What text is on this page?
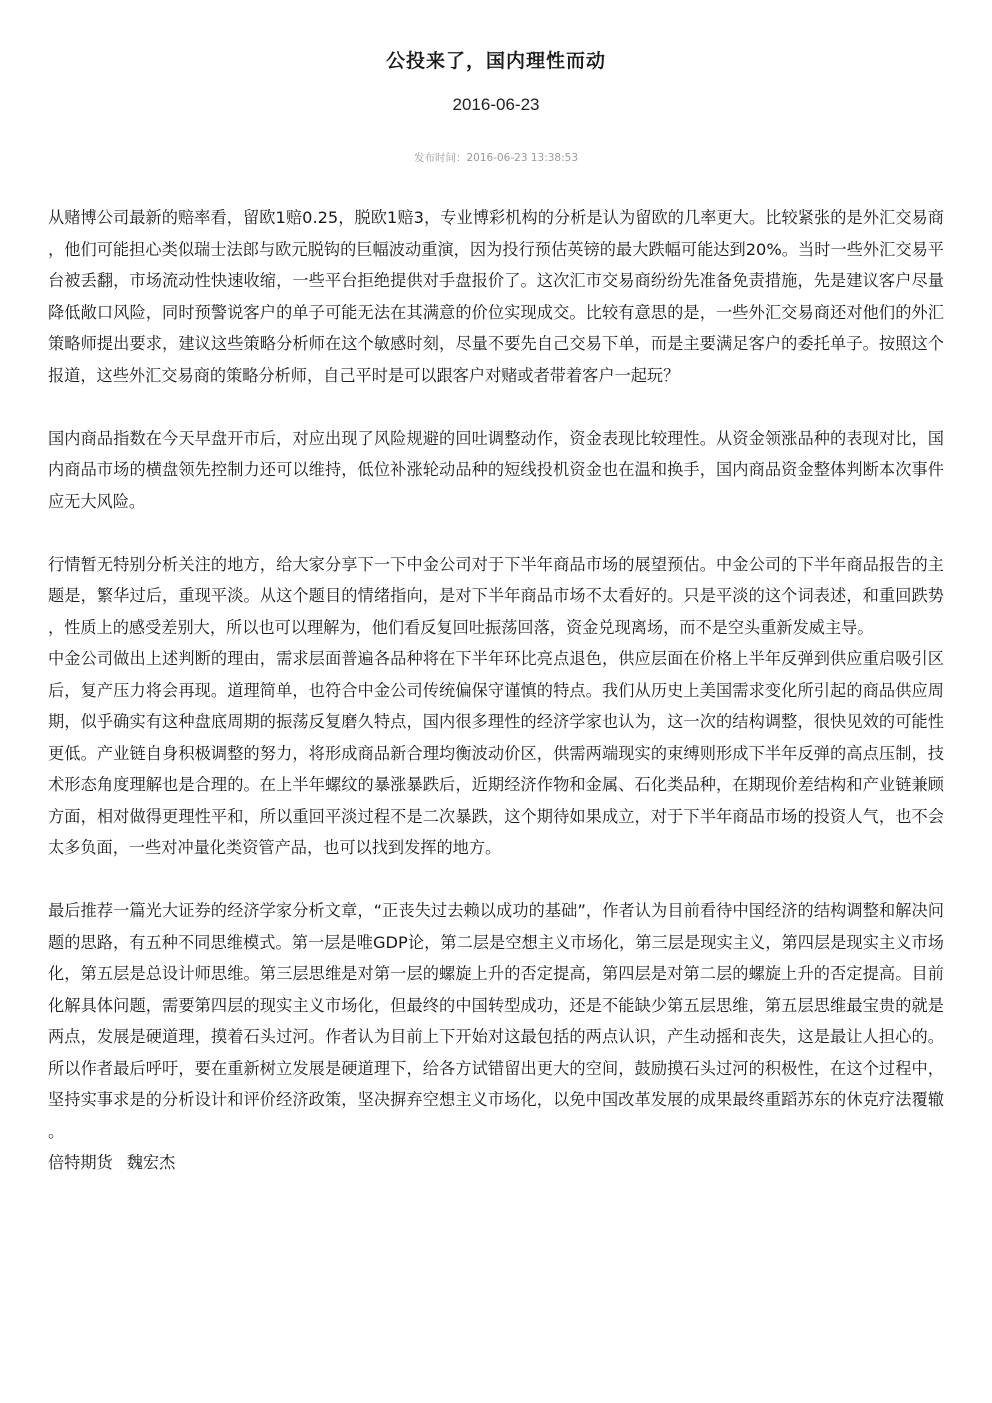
公投来了，国内理性而动
2016-06-23
发布时间：2016-06-23 13:38:53

从赌博公司最新的赔率看，留欧1赔0.25，脱欧1赔3，专业博彩机构的分析是认为留欧的几率更大。比较紧张的是外汇交易商，他们可能担心类似瑞士法郎与欧元脱钩的巨幅波动重演，因为投行预估英镑的最大跌幅可能达到20%。当时一些外汇交易平台被丢翻，市场流动性快速收缩，一些平台拒绝提供对手盘报价了。这次汇市交易商纷纷先准备免责措施，先是建议客户尽量降低敞口风险，同时预警说客户的单子可能无法在其满意的价位实现成交。比较有意思的是，一些外汇交易商还对他们的外汇策略师提出要求，建议这些策略分析师在这个敏感时刻，尽量不要先自己交易下单，而是主要满足客户的委托单子。按照这个报道，这些外汇交易商的策略分析师，自己平时是可以跟客户对赌或者带着客户一起玩？

国内商品指数在今天早盘开市后，对应出现了风险规避的回吐调整动作，资金表现比较理性。从资金领涨品种的表现对比，国内商品市场的横盘领先控制力还可以维持，低位补涨轮动品种的短线投机资金也在温和换手，国内商品资金整体判断本次事件应无大风险。

行情暂无特别分析关注的地方，给大家分享下一下中金公司对于下半年商品市场的展望预估。中金公司的下半年商品报告的主题是，繁华过后，重现平淡。从这个题目的情绪指向，是对下半年商品市场不太看好的。只是平淡的这个词表述，和重回跌势，性质上的感受差别大，所以也可以理解为，他们看反复回吐振荡回落，资金兑现离场，而不是空头重新发威主导。

中金公司做出上述判断的理由，需求层面普遍各品种将在下半年环比亮点退色，供应层面在价格上半年反弹到供应重启吸引区后，复产压力将会再现。道理简单，也符合中金公司传统偏保守谨慎的特点。我们从历史上美国需求变化所引起的商品供应周期，似乎确实有这种盘底周期的振荡反复磨久特点，国内很多理性的经济学家也认为，这一次的结构调整，很快见效的可能性更低。产业链自身积极调整的努力，将形成商品新合理均衡波动价区，供需两端现实的束缚则形成下半年反弹的高点压制，技术形态角度理解也是合理的。在上半年螺纹的暴涨暴跌后，近期经济作物和金属、石化类品种，在期现价差结构和产业链兼顾方面，相对做得更理性平和，所以重回平淡过程不是二次暴跌，这个期待如果成立，对于下半年商品市场的投资人气，也不会太多负面，一些对冲量化类资管产品，也可以找到发挥的地方。

最后推荐一篇光大证券的经济学家分析文章，“正丧失过去赖以成功的基础”，作者认为目前看待中国经济的结构调整和解决问题的思路，有五种不同思维模式。第一层是唯GDP论，第二层是空想主义市场化，第三层是现实主义，第四层是现实主义市场化，第五层是总设计师思维。第三层思维是对第一层的螺旋上升的否定提高，第四层是对第二层的螺旋上升的否定提高。目前化解具体问题，需要第四层的现实主义市场化，但最终的中国转型成功，还是不能缺少第五层思维，第五层思维最宝贵的就是两点，发展是硬道理，摸着石头过河。作者认为目前上下开始对这最包括的两点认识，产生动摇和丧失，这是最让人担心的。所以作者最后呼吁，要在重新树立发展是硬道理下，给各方试错留出更大的空间，鼓励摸石头过河的积极性，在这个过程中，坚持实事求是的分析设计和评价经济政策，坚决摒弃空想主义市场化，以免中国改革发展的成果最终重蹈苏东的休克疗法覆辙。

倍特期货 魏宏杰
